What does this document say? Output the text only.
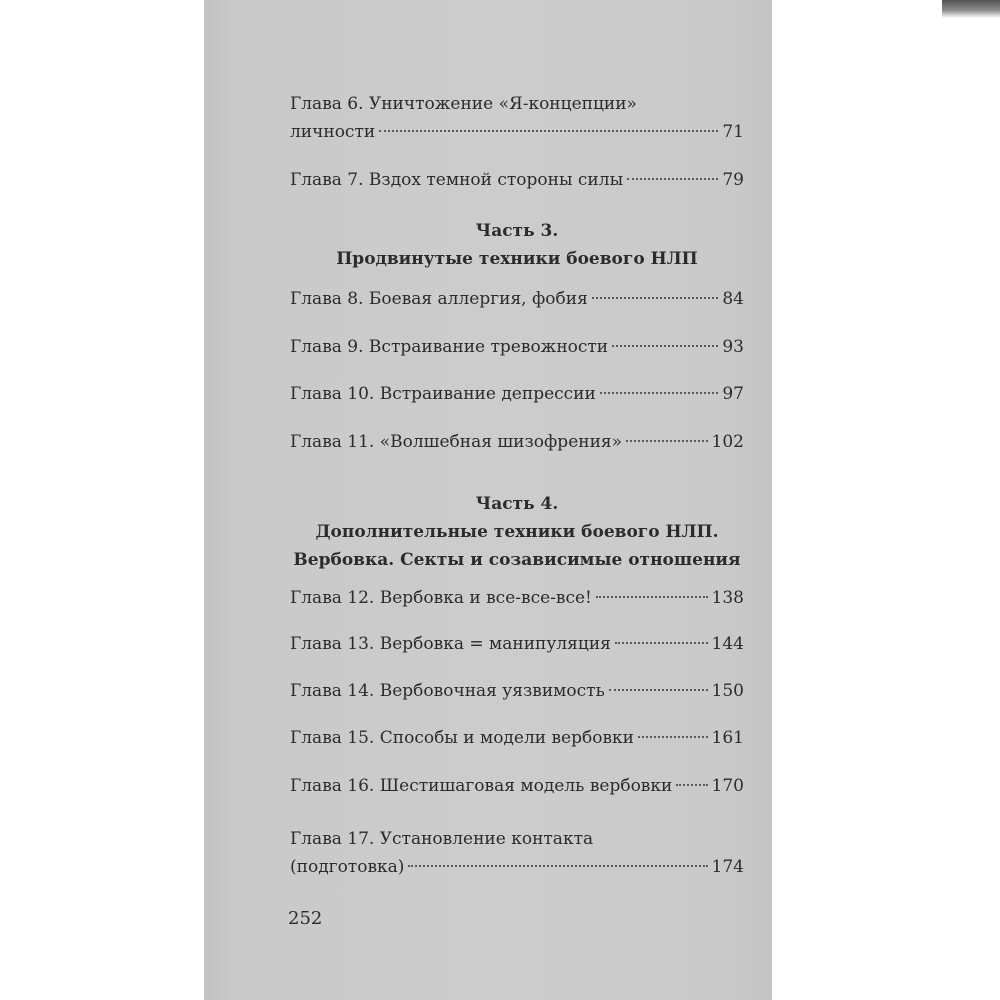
Глава 6. Уничтожение «Я-концепции»
личности	71
Глава 7. Вздох темной стороны силы	79
Часть 3.
Продвинутые техники боевого НЛП
Глава 8. Боевая аллергия, фобия	84
Глава 9. Встраивание тревожности	93
Глава 10. Встраивание депрессии	97
Глава 11. «Волшебная шизофрения»	102
Часть 4.
Дополнительные техники боевого НЛП.
Вербовка. Секты и созависимые отношения
Глава 12. Вербовка и все-все-все!	138
Глава 13. Вербовка = манипуляция	144
Глава 14. Вербовочная уязвимость	150
Глава 15. Способы и модели вербовки	161
Глава 16. Шестишаговая модель вербовки 170
Глава 17. Установление контакта
(подготовка)	174
252
